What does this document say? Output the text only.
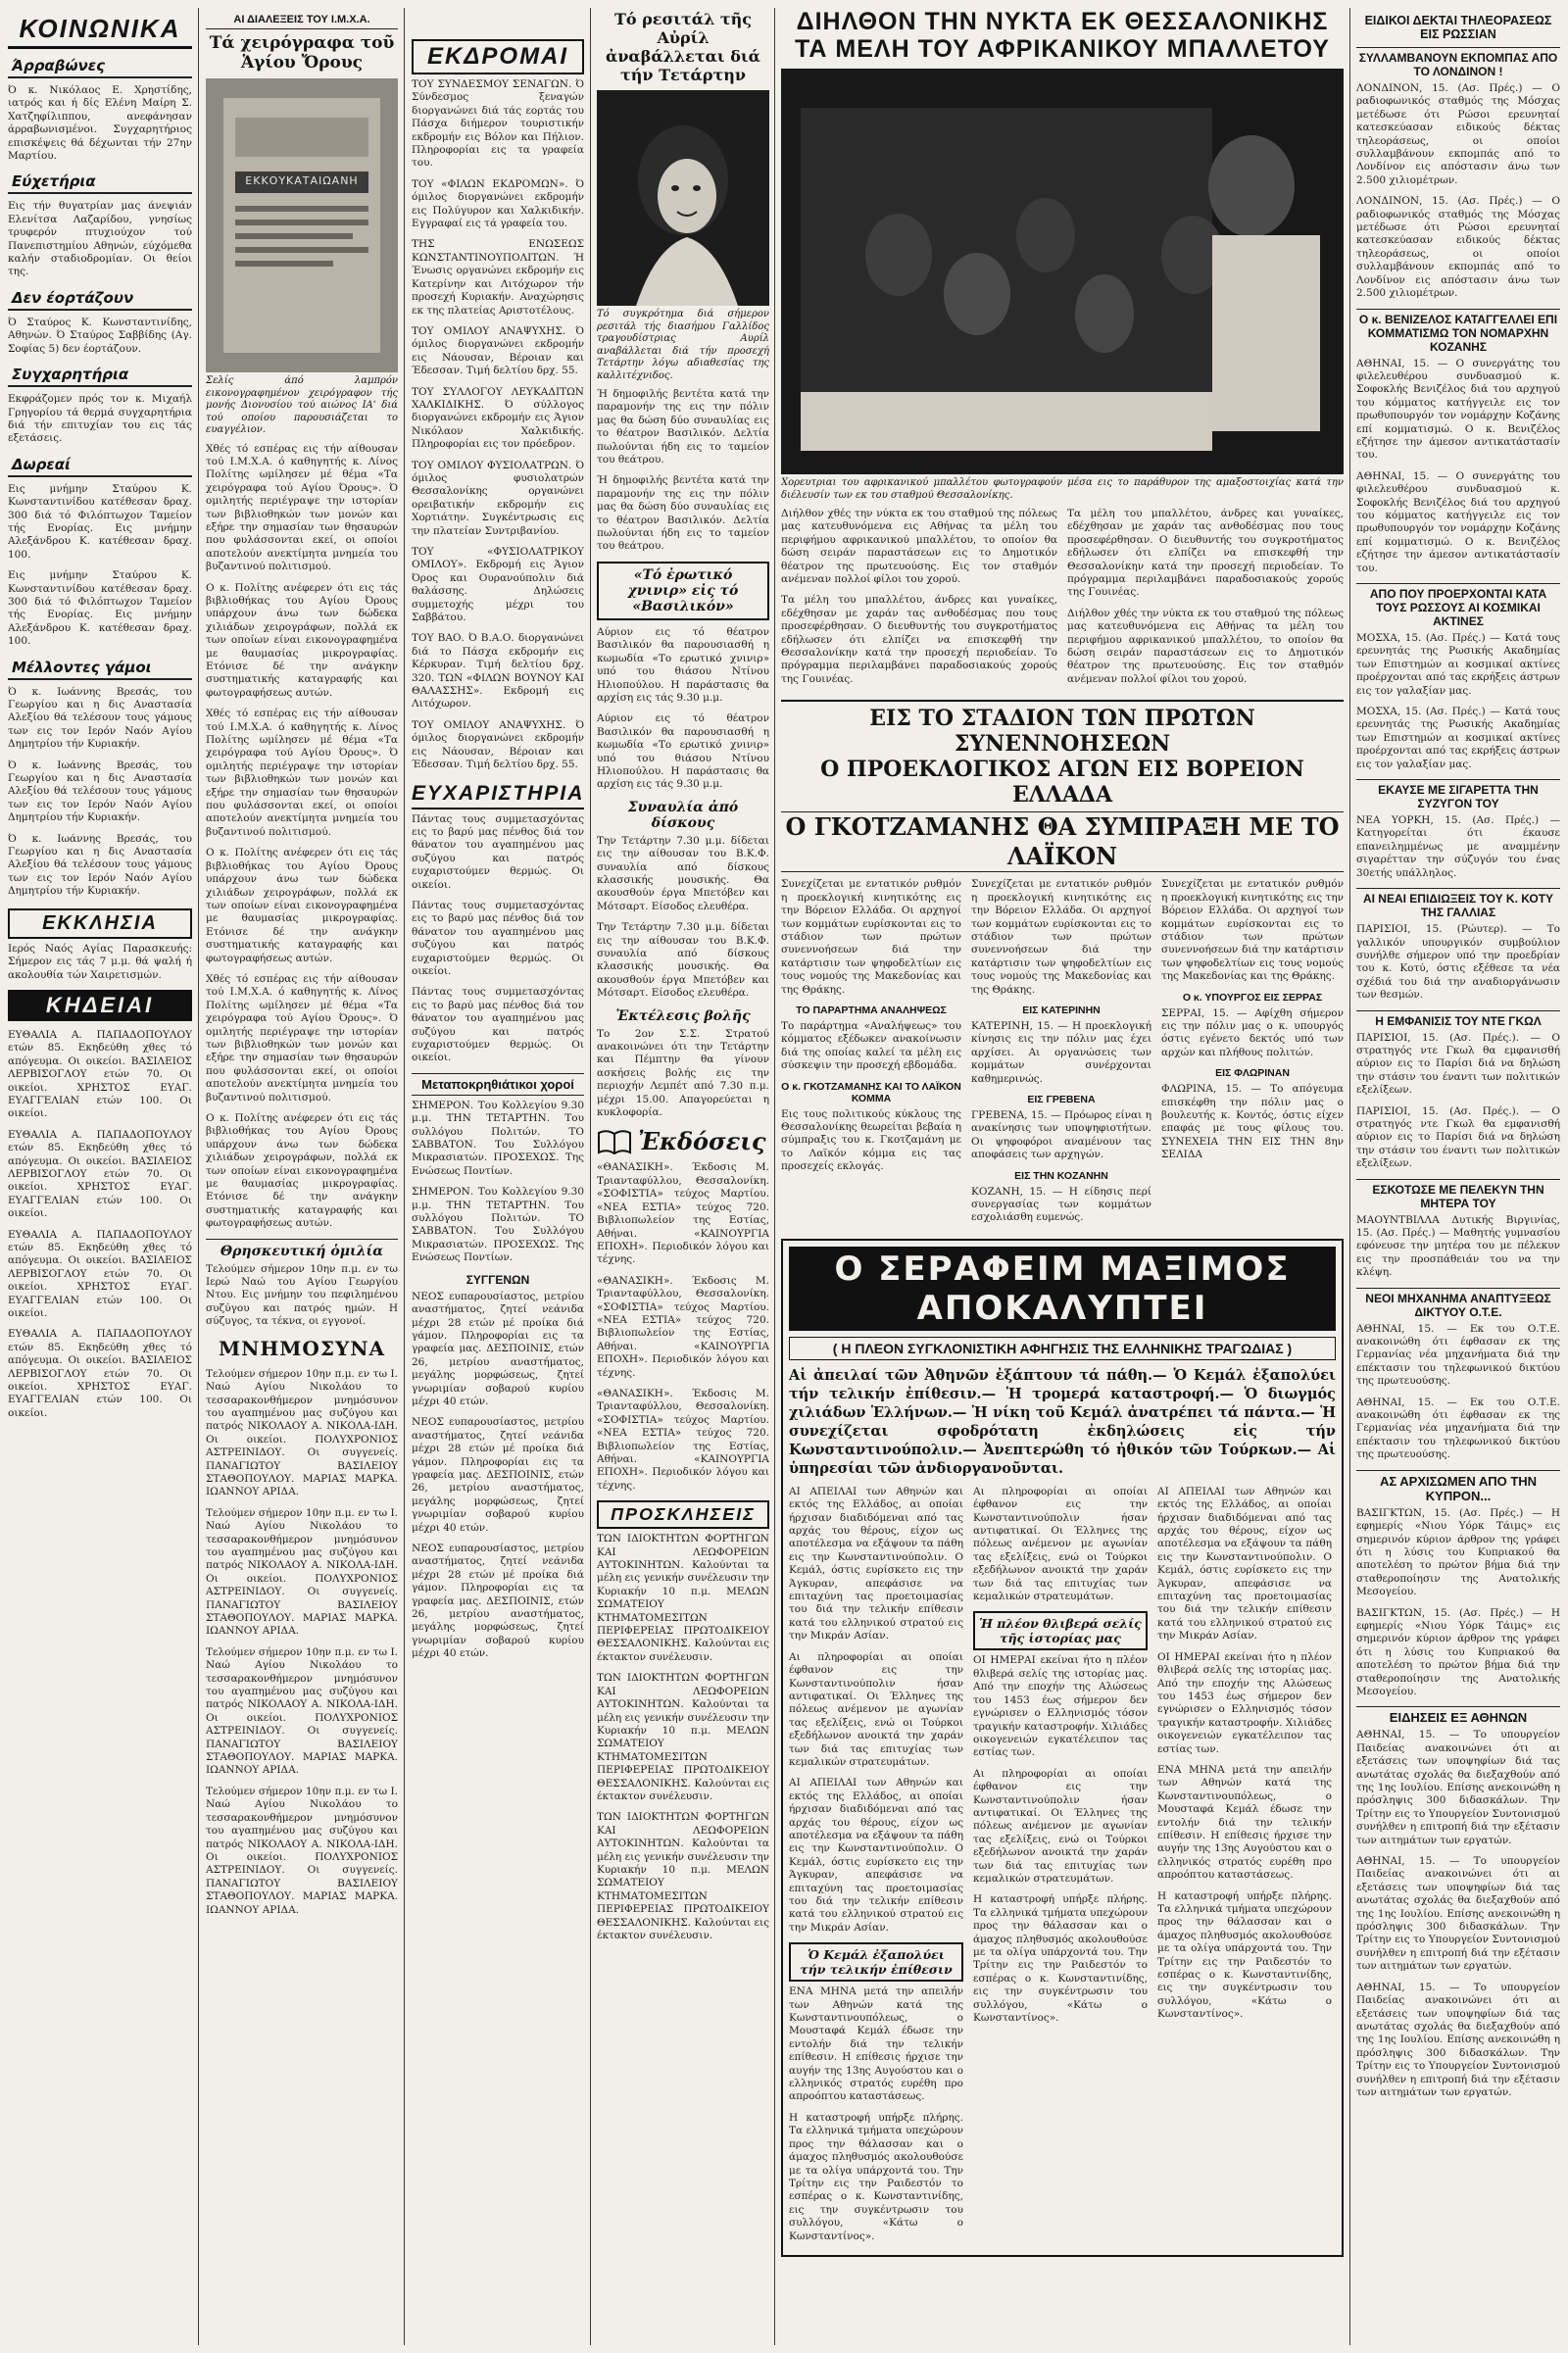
ΚΟΙΝΩΝΙΚΑ
Άρραβώνες

Ό κ. Νικόλαος Ε. Χρηστίδης, ιατρός και ή δίς Ελένη Μαίρη Σ. Χατζηφίλιππου, ανεφάνησαν άρραβωνισμένοι. Συγχαρητήριος επισκέψεις θά δέχωνται τήν 27ην Μαρτίου.

Εύχετήρια

Εις τήν θυγατρίαν μας άνεψιάν Ελενίτσα Λαζαρίδου, γνησίως τρυφερόν πτυχιούχον τού Πανεπιστημίου Αθηνών, εύχόμεθα καλήν σταδιοδρομίαν. Οι θείοι της.

Δεν έορτάζουν

Ό Σταύρος Κ. Κωνσταντινίδης, Αθηνών. Ό Σταύρος Σαββίδης (Αγ. Σοφίας 5) δεν έορτάζουν.

Συγχαρητήρια

Εκφράζομεν πρός τον κ. Μιχαήλ Γρηγορίου τά θερμά συγχαρητήρια διά τήν επιτυχίαν του εις τάς εξετάσεις.

Δωρεαί

Εις μνήμην Σταύρου Κ. Κωνσταντινίδου κατέθεσαν δραχ. 300 διά τό Φιλόπτωχον Ταμείον τής Ενορίας. Εις μνήμην Αλεξάνδρου Κ. κατέθεσαν δραχ. 100.

Εις μνήμην Σταύρου Κ. Κωνσταντινίδου κατέθεσαν δραχ. 300 διά τό Φιλόπτωχον Ταμείον τής Ενορίας. Εις μνήμην Αλεξάνδρου Κ. κατέθεσαν δραχ. 100.

Μέλλοντες γάμοι

Ό κ. Ιωάννης Βρεσάς, του Γεωργίου και η δις Αναστασία Αλεξίου θά τελέσουν τους γάμους των εις τον Ιερόν Ναόν Αγίου Δημητρίου τήν Κυριακήν.

Ό κ. Ιωάννης Βρεσάς, του Γεωργίου και η δις Αναστασία Αλεξίου θά τελέσουν τους γάμους των εις τον Ιερόν Ναόν Αγίου Δημητρίου τήν Κυριακήν.

Ό κ. Ιωάννης Βρεσάς, του Γεωργίου και η δις Αναστασία Αλεξίου θά τελέσουν τους γάμους των εις τον Ιερόν Ναόν Αγίου Δημητρίου τήν Κυριακήν.

ΕΚΚΛΗΣΙΑ

Ιερός Ναός Αγίας Παρασκευής: Σήμερον εις τάς 7 μ.μ. θά ψαλή ή ακολουθία τών Χαιρετισμών.

ΚΗΔΕΙΑΙ

ΕΥΘΑΛΙΑ Α. ΠΑΠΑΔΟΠΟΥΛΟΥ ετών 85. Εκηδεύθη χθες τό απόγευμα. Οι οικείοι. ΒΑΣΙΛΕΙΟΣ ΛΕΡΒΙΣΟΓΛΟΥ ετών 70. Οι οικείοι. ΧΡΗΣΤΟΣ ΕΥΑΓ. ΕΥΑΓΓΕΛΙΑΝ ετών 100. Οι οικείοι.

ΕΥΘΑΛΙΑ Α. ΠΑΠΑΔΟΠΟΥΛΟΥ ετών 85. Εκηδεύθη χθες τό απόγευμα. Οι οικείοι. ΒΑΣΙΛΕΙΟΣ ΛΕΡΒΙΣΟΓΛΟΥ ετών 70. Οι οικείοι. ΧΡΗΣΤΟΣ ΕΥΑΓ. ΕΥΑΓΓΕΛΙΑΝ ετών 100. Οι οικείοι.

ΕΥΘΑΛΙΑ Α. ΠΑΠΑΔΟΠΟΥΛΟΥ ετών 85. Εκηδεύθη χθες τό απόγευμα. Οι οικείοι. ΒΑΣΙΛΕΙΟΣ ΛΕΡΒΙΣΟΓΛΟΥ ετών 70. Οι οικείοι. ΧΡΗΣΤΟΣ ΕΥΑΓ. ΕΥΑΓΓΕΛΙΑΝ ετών 100. Οι οικείοι.

ΕΥΘΑΛΙΑ Α. ΠΑΠΑΔΟΠΟΥΛΟΥ ετών 85. Εκηδεύθη χθες τό απόγευμα. Οι οικείοι. ΒΑΣΙΛΕΙΟΣ ΛΕΡΒΙΣΟΓΛΟΥ ετών 70. Οι οικείοι. ΧΡΗΣΤΟΣ ΕΥΑΓ. ΕΥΑΓΓΕΛΙΑΝ ετών 100. Οι οικείοι.

ΑΙ ΔΙΑΛΕΞΕΙΣ ΤΟΥ Ι.Μ.Χ.Α.
Τά χειρόγραφα τοῦ Ἁγίου Ὄρους
ΕΚΚΟΥΚΑΤΑΙΩΑΝΗ

Σελίς άπό λαμπρόν εικονογραφημένον χειρόγραφον τής μονής Διονυσίου τού αιώνος ΙΑ' διά τού οποίου παρουσιάζεται το ευαγγέλιον.

Χθές τό εσπέρας εις τήν αίθουσαν τού Ι.Μ.Χ.Α. ό καθηγητής κ. Λίνος Πολίτης ωμίλησεν μέ θέμα «Τα χειρόγραφα τού Αγίου Όρους». Ό ομιλητής περιέγραψε την ιστορίαν των βιβλιοθηκών των μονών και εξήρε την σημασίαν των θησαυρών που φυλάσσονται εκεί, οι οποίοι αποτελούν ανεκτίμητα μνημεία του βυζαντινού πολιτισμού.

Ο κ. Πολίτης ανέφερεν ότι εις τάς βιβλιοθήκας του Αγίου Όρους υπάρχουν άνω των δώδεκα χιλιάδων χειρογράφων, πολλά εκ των οποίων είναι εικονογραφημένα με θαυμασίας μικρογραφίας. Ετόνισε δέ την ανάγκην συστηματικής καταγραφής και φωτογραφήσεως αυτών.

Χθές τό εσπέρας εις τήν αίθουσαν τού Ι.Μ.Χ.Α. ό καθηγητής κ. Λίνος Πολίτης ωμίλησεν μέ θέμα «Τα χειρόγραφα τού Αγίου Όρους». Ό ομιλητής περιέγραψε την ιστορίαν των βιβλιοθηκών των μονών και εξήρε την σημασίαν των θησαυρών που φυλάσσονται εκεί, οι οποίοι αποτελούν ανεκτίμητα μνημεία του βυζαντινού πολιτισμού.

Ο κ. Πολίτης ανέφερεν ότι εις τάς βιβλιοθήκας του Αγίου Όρους υπάρχουν άνω των δώδεκα χιλιάδων χειρογράφων, πολλά εκ των οποίων είναι εικονογραφημένα με θαυμασίας μικρογραφίας. Ετόνισε δέ την ανάγκην συστηματικής καταγραφής και φωτογραφήσεως αυτών.

Χθές τό εσπέρας εις τήν αίθουσαν τού Ι.Μ.Χ.Α. ό καθηγητής κ. Λίνος Πολίτης ωμίλησεν μέ θέμα «Τα χειρόγραφα τού Αγίου Όρους». Ό ομιλητής περιέγραψε την ιστορίαν των βιβλιοθηκών των μονών και εξήρε την σημασίαν των θησαυρών που φυλάσσονται εκεί, οι οποίοι αποτελούν ανεκτίμητα μνημεία του βυζαντινού πολιτισμού.

Ο κ. Πολίτης ανέφερεν ότι εις τάς βιβλιοθήκας του Αγίου Όρους υπάρχουν άνω των δώδεκα χιλιάδων χειρογράφων, πολλά εκ των οποίων είναι εικονογραφημένα με θαυμασίας μικρογραφίας. Ετόνισε δέ την ανάγκην συστηματικής καταγραφής και φωτογραφήσεως αυτών.

Θρησκευτική ὁμιλία

Τελούμεν σήμερον 10ην π.μ. εν τω Ιερώ Ναώ του Αγίου Γεωργίου Ντου. Εις μνήμην του πεφιλημένου συζύγου και πατρός ημών. Η σύζυγος, τα τέκνα, οι εγγονοί.

ΜΝΗΜΟΣΥΝΑ

Τελούμεν σήμερον 10ην π.μ. εν τω Ι. Ναώ Αγίου Νικολάου το τεσσαρακονθήμερον μνημόσυνον του αγαπημένου μας συζύγου και πατρός ΝΙΚΟΛΑΟΥ Α. ΝΙΚΟΛΑ-ΙΔΗ. Οι οικείοι. ΠΟΛΥΧΡΟΝΙΟΣ ΑΣΤΡΕΙΝΙΔΟΥ. Οι συγγενείς. ΠΑΝΑΓΙΩΤΟΥ ΒΑΣΙΛΕΙΟΥ ΣΤΑΘΟΠΟΥΛΟΥ. ΜΑΡΙΑΣ ΜΑΡΚΑ. ΙΩΑΝΝΟΥ ΑΡΙΔΑ.

Τελούμεν σήμερον 10ην π.μ. εν τω Ι. Ναώ Αγίου Νικολάου το τεσσαρακονθήμερον μνημόσυνον του αγαπημένου μας συζύγου και πατρός ΝΙΚΟΛΑΟΥ Α. ΝΙΚΟΛΑ-ΙΔΗ. Οι οικείοι. ΠΟΛΥΧΡΟΝΙΟΣ ΑΣΤΡΕΙΝΙΔΟΥ. Οι συγγενείς. ΠΑΝΑΓΙΩΤΟΥ ΒΑΣΙΛΕΙΟΥ ΣΤΑΘΟΠΟΥΛΟΥ. ΜΑΡΙΑΣ ΜΑΡΚΑ. ΙΩΑΝΝΟΥ ΑΡΙΔΑ.

Τελούμεν σήμερον 10ην π.μ. εν τω Ι. Ναώ Αγίου Νικολάου το τεσσαρακονθήμερον μνημόσυνον του αγαπημένου μας συζύγου και πατρός ΝΙΚΟΛΑΟΥ Α. ΝΙΚΟΛΑ-ΙΔΗ. Οι οικείοι. ΠΟΛΥΧΡΟΝΙΟΣ ΑΣΤΡΕΙΝΙΔΟΥ. Οι συγγενείς. ΠΑΝΑΓΙΩΤΟΥ ΒΑΣΙΛΕΙΟΥ ΣΤΑΘΟΠΟΥΛΟΥ. ΜΑΡΙΑΣ ΜΑΡΚΑ. ΙΩΑΝΝΟΥ ΑΡΙΔΑ.

Τελούμεν σήμερον 10ην π.μ. εν τω Ι. Ναώ Αγίου Νικολάου το τεσσαρακονθήμερον μνημόσυνον του αγαπημένου μας συζύγου και πατρός ΝΙΚΟΛΑΟΥ Α. ΝΙΚΟΛΑ-ΙΔΗ. Οι οικείοι. ΠΟΛΥΧΡΟΝΙΟΣ ΑΣΤΡΕΙΝΙΔΟΥ. Οι συγγενείς. ΠΑΝΑΓΙΩΤΟΥ ΒΑΣΙΛΕΙΟΥ ΣΤΑΘΟΠΟΥΛΟΥ. ΜΑΡΙΑΣ ΜΑΡΚΑ. ΙΩΑΝΝΟΥ ΑΡΙΔΑ.

ΕΚΔΡΟΜΑΙ

ΤΟΥ ΣΥΝΔΕΣΜΟΥ ΣΕΝΑΓΩΝ. Ό Σύνδεσμος ξεναγών διοργανώνει διά τάς εορτάς του Πάσχα διήμερον τουριστικήν εκδρομήν εις Βόλον και Πήλιον. Πληροφορίαι εις τα γραφεία του.

ΤΟΥ «ΦΙΛΩΝ ΕΚΔΡΟΜΩΝ». Ό όμιλος διοργανώνει εκδρομήν εις Πολύγυρον και Χαλκιδικήν. Εγγραφαί εις τά γραφεία του.

ΤΗΣ ΕΝΩΣΕΩΣ ΚΩΝΣΤΑΝΤΙΝΟΥΠΟΛΙΤΩΝ. Ή Ένωσις οργανώνει εκδρομήν εις Κατερίνην και Λιτόχωρον τήν προσεχή Κυριακήν. Αναχώρησις εκ της πλατείας Αριστοτέλους.

ΤΟΥ ΟΜΙΛΟΥ ΑΝΑΨΥΧΗΣ. Ό όμιλος διοργανώνει εκδρομήν εις Νάουσαν, Βέροιαν και Έδεσσαν. Τιμή δελτίου δρχ. 55.

ΤΟΥ ΣΥΛΛΟΓΟΥ ΛΕΥΚΑΔΙΤΩΝ ΧΑΛΚΙΔΙΚΗΣ. Ό σύλλογος διοργανώνει εκδρομήν εις Άγιον Νικόλαον Χαλκιδικής. Πληροφορίαι εις τον πρόεδρον.

ΤΟΥ ΟΜΙΛΟΥ ΦΥΣΙΟΛΑΤΡΩΝ. Ό όμιλος φυσιολατρών Θεσσαλονίκης οργανώνει ορειβατικήν εκδρομήν εις Χορτιάτην. Συγκέντρωσις εις την πλατείαν Συντριβανίου.

ΤΟΥ «ΦΥΣΙΟΛΑΤΡΙΚΟΥ ΟΜΙΛΟΥ». Εκδρομή εις Άγιον Όρος και Ουρανούπολιν διά θαλάσσης. Δηλώσεις συμμετοχής μέχρι του Σαββάτου.

ΤΟΥ ΒΑΟ. Ό Β.Α.Ο. διοργανώνει διά το Πάσχα εκδρομήν εις Κέρκυραν. Τιμή δελτίου δρχ. 320. ΤΩΝ «ΦΙΛΩΝ ΒΟΥΝΟΥ ΚΑΙ ΘΑΛΑΣΣΗΣ». Εκδρομή εις Λιτόχωρον.

ΤΟΥ ΟΜΙΛΟΥ ΑΝΑΨΥΧΗΣ. Ό όμιλος διοργανώνει εκδρομήν εις Νάουσαν, Βέροιαν και Έδεσσαν. Τιμή δελτίου δρχ. 55.

ΕΥΧΑΡΙΣΤΗΡΙΑ

Πάντας τους συμμετασχόντας εις το βαρύ μας πένθος διά τον θάνατον του αγαπημένου μας συζύγου και πατρός ευχαριστούμεν θερμώς. Οι οικείοι.

Πάντας τους συμμετασχόντας εις το βαρύ μας πένθος διά τον θάνατον του αγαπημένου μας συζύγου και πατρός ευχαριστούμεν θερμώς. Οι οικείοι.

Πάντας τους συμμετασχόντας εις το βαρύ μας πένθος διά τον θάνατον του αγαπημένου μας συζύγου και πατρός ευχαριστούμεν θερμώς. Οι οικείοι.

Μεταποκρηθιάτικοι χοροί

ΣΗΜΕΡΟΝ. Του Κολλεγίου 9.30 μ.μ. ΤΗΝ ΤΕΤΑΡΤΗΝ. Του συλλόγου Πολιτών. ΤΟ ΣΑΒΒΑΤΟΝ. Του Συλλόγου Μικρασιατών. ΠΡΟΣΕΧΩΣ. Της Ενώσεως Ποντίων.

ΣΗΜΕΡΟΝ. Του Κολλεγίου 9.30 μ.μ. ΤΗΝ ΤΕΤΑΡΤΗΝ. Του συλλόγου Πολιτών. ΤΟ ΣΑΒΒΑΤΟΝ. Του Συλλόγου Μικρασιατών. ΠΡΟΣΕΧΩΣ. Της Ενώσεως Ποντίων.

ΣΥΓΓΕΝΩΝ

ΝΕΟΣ ευπαρουσίαστος, μετρίου αναστήματος, ζητεί νεάνιδα μέχρι 28 ετών μέ προίκα διά γάμον. Πληροφορίαι εις τα γραφεία μας. ΔΕΣΠΟΙΝΙΣ, ετών 26, μετρίου αναστήματος, μεγάλης μορφώσεως, ζητεί γνωριμίαν σοβαρού κυρίου μέχρι 40 ετών.

ΝΕΟΣ ευπαρουσίαστος, μετρίου αναστήματος, ζητεί νεάνιδα μέχρι 28 ετών μέ προίκα διά γάμον. Πληροφορίαι εις τα γραφεία μας. ΔΕΣΠΟΙΝΙΣ, ετών 26, μετρίου αναστήματος, μεγάλης μορφώσεως, ζητεί γνωριμίαν σοβαρού κυρίου μέχρι 40 ετών.

ΝΕΟΣ ευπαρουσίαστος, μετρίου αναστήματος, ζητεί νεάνιδα μέχρι 28 ετών μέ προίκα διά γάμον. Πληροφορίαι εις τα γραφεία μας. ΔΕΣΠΟΙΝΙΣ, ετών 26, μετρίου αναστήματος, μεγάλης μορφώσεως, ζητεί γνωριμίαν σοβαρού κυρίου μέχρι 40 ετών.

Τό ρεσιτάλ τῆς Αὐρίλ ἀναβάλλεται διά τήν Τετάρτην

Τό συγκρότημα διά σήμερον ρεσιτάλ τής διασήμου Γαλλίδος τραγουδίστριας Αυρίλ αναβάλλεται διά τήν προσεχή Τετάρτην λόγω αδιαθεσίας της καλλιτέχνιδος.

Ή δημοφιλής βεντέτα κατά την παραμονήν της εις την πόλιν μας θα δώση δύο συναυλίας εις το θέατρον Βασιλικόν. Δελτία πωλούνται ήδη εις το ταμείον του θεάτρου.

Ή δημοφιλής βεντέτα κατά την παραμονήν της εις την πόλιν μας θα δώση δύο συναυλίας εις το θέατρον Βασιλικόν. Δελτία πωλούνται ήδη εις το ταμείον του θεάτρου.

«Τό ἐρωτικό χνινιρ» εἰς τό «Βασιλικόν»

Αύριον εις τό θέατρον Βασιλικόν θα παρουσιασθή η κωμωδία «Το ερωτικό χνινιρ» υπό του θιάσου Ντίνου Ηλιοπούλου. Η παράστασις θα αρχίση εις τάς 9.30 μ.μ.

Αύριον εις τό θέατρον Βασιλικόν θα παρουσιασθή η κωμωδία «Το ερωτικό χνινιρ» υπό του θιάσου Ντίνου Ηλιοπούλου. Η παράστασις θα αρχίση εις τάς 9.30 μ.μ.

Συναυλία ἀπό δίσκους

Την Τετάρτην 7.30 μ.μ. δίδεται εις την αίθουσαν του Β.Κ.Φ. συναυλία από δίσκους κλασσικής μουσικής. Θα ακουσθούν έργα Μπετόβεν και Μότσαρτ. Είσοδος ελευθέρα.

Την Τετάρτην 7.30 μ.μ. δίδεται εις την αίθουσαν του Β.Κ.Φ. συναυλία από δίσκους κλασσικής μουσικής. Θα ακουσθούν έργα Μπετόβεν και Μότσαρτ. Είσοδος ελευθέρα.

Ἐκτέλεσις βολῆς

Το 2ον Σ.Σ. Στρατού ανακοινώνει ότι την Τετάρτην και Πέμπτην θα γίνουν ασκήσεις βολής εις την περιοχήν Λεμπέτ από 7.30 π.μ. μέχρι 15.00. Απαγορεύεται η κυκλοφορία.

Ἐκδόσεις

«ΘΑΝΑΣΙΚΗ». Έκδοσις Μ. Τριανταφύλλου, Θεσσαλονίκη. «ΣΟΦΙΣΤΙΑ» τεύχος Μαρτίου. «ΝΕΑ ΕΣΤΙΑ» τεύχος 720. Βιβλιοπωλείον της Εστίας, Αθήναι. «ΚΑΙΝΟΥΡΓΙΑ ΕΠΟΧΗ». Περιοδικόν λόγου και τέχνης.

«ΘΑΝΑΣΙΚΗ». Έκδοσις Μ. Τριανταφύλλου, Θεσσαλονίκη. «ΣΟΦΙΣΤΙΑ» τεύχος Μαρτίου. «ΝΕΑ ΕΣΤΙΑ» τεύχος 720. Βιβλιοπωλείον της Εστίας, Αθήναι. «ΚΑΙΝΟΥΡΓΙΑ ΕΠΟΧΗ». Περιοδικόν λόγου και τέχνης.

«ΘΑΝΑΣΙΚΗ». Έκδοσις Μ. Τριανταφύλλου, Θεσσαλονίκη. «ΣΟΦΙΣΤΙΑ» τεύχος Μαρτίου. «ΝΕΑ ΕΣΤΙΑ» τεύχος 720. Βιβλιοπωλείον της Εστίας, Αθήναι. «ΚΑΙΝΟΥΡΓΙΑ ΕΠΟΧΗ». Περιοδικόν λόγου και τέχνης.

ΠΡΟΣΚΛΗΣΕΙΣ

ΤΩΝ ΙΔΙΟΚΤΗΤΩΝ ΦΟΡΤΗΓΩΝ ΚΑΙ ΛΕΩΦΟΡΕΙΩΝ ΑΥΤΟΚΙΝΗΤΩΝ. Καλούνται τα μέλη εις γενικήν συνέλευσιν την Κυριακήν 10 π.μ. ΜΕΛΩΝ ΣΩΜΑΤΕΙΟΥ ΚΤΗΜΑΤΟΜΕΣΙΤΩΝ ΠΕΡΙΦΕΡΕΙΑΣ ΠΡΩΤΟΔΙΚΕΙΟΥ ΘΕΣΣΑΛΟΝΙΚΗΣ. Καλούνται εις έκτακτον συνέλευσιν.

ΤΩΝ ΙΔΙΟΚΤΗΤΩΝ ΦΟΡΤΗΓΩΝ ΚΑΙ ΛΕΩΦΟΡΕΙΩΝ ΑΥΤΟΚΙΝΗΤΩΝ. Καλούνται τα μέλη εις γενικήν συνέλευσιν την Κυριακήν 10 π.μ. ΜΕΛΩΝ ΣΩΜΑΤΕΙΟΥ ΚΤΗΜΑΤΟΜΕΣΙΤΩΝ ΠΕΡΙΦΕΡΕΙΑΣ ΠΡΩΤΟΔΙΚΕΙΟΥ ΘΕΣΣΑΛΟΝΙΚΗΣ. Καλούνται εις έκτακτον συνέλευσιν.

ΤΩΝ ΙΔΙΟΚΤΗΤΩΝ ΦΟΡΤΗΓΩΝ ΚΑΙ ΛΕΩΦΟΡΕΙΩΝ ΑΥΤΟΚΙΝΗΤΩΝ. Καλούνται τα μέλη εις γενικήν συνέλευσιν την Κυριακήν 10 π.μ. ΜΕΛΩΝ ΣΩΜΑΤΕΙΟΥ ΚΤΗΜΑΤΟΜΕΣΙΤΩΝ ΠΕΡΙΦΕΡΕΙΑΣ ΠΡΩΤΟΔΙΚΕΙΟΥ ΘΕΣΣΑΛΟΝΙΚΗΣ. Καλούνται εις έκτακτον συνέλευσιν.

ΔΙΗΛΘΟΝ ΤΗΝ ΝΥΚΤΑ ΕΚ ΘΕΣΣΑΛΟΝΙΚΗΣ
ΤΑ ΜΕΛΗ ΤΟΥ ΑΦΡΙΚΑΝΙΚΟΥ ΜΠΑΛΛΕΤΟΥ

Χορευτριαι του αφρικανικού μπαλλέτου φωτογραφούν μέσα εις το παράθυρον της αμαξοστοιχίας κατά την διέλευσίν των εκ του σταθμού Θεσσαλονίκης.

Διήλθον χθές την νύκτα εκ του σταθμού της πόλεως μας κατευθυνόμενα εις Αθήνας τα μέλη του περιφήμου αφρικανικού μπαλλέτου, το οποίον θα δώση σειράν παραστάσεων εις το Δημοτικόν θέατρον της πρωτευούσης. Εις τον σταθμόν ανέμεναν πολλοί φίλοι του χορού.

Τα μέλη του μπαλλέτου, άνδρες και γυναίκες, εδέχθησαν με χαράν τας ανθοδέσμας που τους προσεφέρθησαν. Ο διευθυντής του συγκροτήματος εδήλωσεν ότι ελπίζει να επισκεφθή την Θεσσαλονίκην κατά την προσεχή περιοδείαν. Το πρόγραμμα περιλαμβάνει παραδοσιακούς χορούς της Γουινέας.

Τα μέλη του μπαλλέτου, άνδρες και γυναίκες, εδέχθησαν με χαράν τας ανθοδέσμας που τους προσεφέρθησαν. Ο διευθυντής του συγκροτήματος εδήλωσεν ότι ελπίζει να επισκεφθή την Θεσσαλονίκην κατά την προσεχή περιοδείαν. Το πρόγραμμα περιλαμβάνει παραδοσιακούς χορούς της Γουινέας.

Διήλθον χθές την νύκτα εκ του σταθμού της πόλεως μας κατευθυνόμενα εις Αθήνας τα μέλη του περιφήμου αφρικανικού μπαλλέτου, το οποίον θα δώση σειράν παραστάσεων εις το Δημοτικόν θέατρον της πρωτευούσης. Εις τον σταθμόν ανέμεναν πολλοί φίλοι του χορού.

ΕΙΣ ΤΟ ΣΤΑΔΙΟΝ ΤΩΝ ΠΡΩΤΩΝ ΣΥΝΕΝΝΟΗΣΕΩΝ
Ο ΠΡΟΕΚΛΟΓΙΚΟΣ ΑΓΩΝ ΕΙΣ ΒΟΡΕΙΟΝ ΕΛΛΑΔΑ
Ο ΓΚΟΤΖΑΜΑΝΗΣ ΘΑ ΣΥΜΠΡΑΞΗ ΜΕ ΤΟ ΛΑΪΚΟΝ

Συνεχίζεται με εντατικόν ρυθμόν η προεκλογική κινητικότης εις την Βόρειον Ελλάδα. Οι αρχηγοί των κομμάτων ευρίσκονται εις το στάδιον των πρώτων συνεννοήσεων διά την κατάρτισιν των ψηφοδελτίων εις τους νομούς της Μακεδονίας και της Θράκης.

ΤΟ ΠΑΡΑΡΤΗΜΑ ΑΝΑΛΗΨΕΩΣ

Το παράρτημα «Αναλήψεως» του κόμματος εξέδωκεν ανακοίνωσιν διά της οποίας καλεί τα μέλη εις σύσκεψιν την προσεχή εβδομάδα.

Ο κ. ΓΚΟΤΖΑΜΑΝΗΣ ΚΑΙ ΤΟ ΛΑΪΚΟΝ ΚΟΜΜΑ

Εις τους πολιτικούς κύκλους της Θεσσαλονίκης θεωρείται βεβαία η σύμπραξις του κ. Γκοτζαμάνη με το Λαϊκόν κόμμα εις τας προσεχείς εκλογάς.

Συνεχίζεται με εντατικόν ρυθμόν η προεκλογική κινητικότης εις την Βόρειον Ελλάδα. Οι αρχηγοί των κομμάτων ευρίσκονται εις το στάδιον των πρώτων συνεννοήσεων διά την κατάρτισιν των ψηφοδελτίων εις τους νομούς της Μακεδονίας και της Θράκης.

ΕΙΣ ΚΑΤΕΡΙΝΗΝ

ΚΑΤΕΡΙΝΗ, 15. — Η προεκλογική κίνησις εις την πόλιν μας έχει αρχίσει. Αι οργανώσεις των κομμάτων συνέρχονται καθημερινώς.

ΕΙΣ ΓΡΕΒΕΝΑ

ΓΡΕΒΕΝΑ, 15. — Πρόωρος είναι η ανακίνησις των υποψηφιοτήτων. Οι ψηφοφόροι αναμένουν τας αποφάσεις των αρχηγών.

ΕΙΣ ΤΗΝ ΚΟΖΑΝΗΝ

ΚΟΖΑΝΗ, 15. — Η είδησις περί συνεργασίας των κομμάτων εσχολιάσθη ευμενώς.

Συνεχίζεται με εντατικόν ρυθμόν η προεκλογική κινητικότης εις την Βόρειον Ελλάδα. Οι αρχηγοί των κομμάτων ευρίσκονται εις το στάδιον των πρώτων συνεννοήσεων διά την κατάρτισιν των ψηφοδελτίων εις τους νομούς της Μακεδονίας και της Θράκης.

Ο κ. ΥΠΟΥΡΓΟΣ ΕΙΣ ΣΕΡΡΑΣ

ΣΕΡΡΑΙ, 15. — Αφίχθη σήμερον εις την πόλιν μας ο κ. υπουργός όστις εγένετο δεκτός υπό των αρχών και πλήθους πολιτών.

ΕΙΣ ΦΛΩΡΙΝΑΝ

ΦΛΩΡΙΝΑ, 15. — Το απόγευμα επισκέφθη την πόλιν μας ο βουλευτής κ. Κοντός, όστις είχεν επαφάς με τους φίλους του. ΣΥΝΕΧΕΙΑ ΤΗΝ ΕΙΣ ΤΗΝ 8ην ΣΕΛΙΔΑ

Ο ΣΕΡΑΦΕΙΜ ΜΑΞΙΜΟΣ ΑΠΟΚΑΛΥΠΤΕΙ
( Η ΠΛΕΟΝ ΣΥΓΚΛΟΝΙΣΤΙΚΗ ΑΦΗΓΗΣΙΣ ΤΗΣ ΕΛΛΗΝΙΚΗΣ ΤΡΑΓΩΔΙΑΣ )

Αἱ ἀπειλαί τῶν Ἀθηνῶν ἐξάπτουν τά πάθη.— Ὁ Κεμάλ ἐξαπολύει τήν τελικήν ἐπίθεσιν.— Ἡ τρομερά καταστροφή.— Ὁ διωγμός χιλιάδων Ἑλλήνων.— Ἡ νίκη τοῦ Κεμάλ ἀνατρέπει τά πάντα.— Ἡ συνεχίζεται σφοδρότατη ἐκδηλώσεις εἰς τήν Κωνσταντινούπολιν.— Ἀνεπτερώθη τό ἠθικόν τῶν Τούρκων.— Αἱ ὑπηρεσίαι τῶν ἀνδιοργανοῦνται.

ΑΙ ΑΠΕΙΛΑΙ των Αθηνών και εκτός της Ελλάδος, αι οποίαι ήρχισαν διαδιδόμεναι από τας αρχάς του θέρους, είχον ως αποτέλεσμα να εξάψουν τα πάθη εις την Κωνσταντινούπολιν. Ο Κεμάλ, όστις ευρίσκετο εις την Άγκυραν, απεφάσισε να επιταχύνη τας προετοιμασίας του διά την τελικήν επίθεσιν κατά του ελληνικού στρατού εις την Μικράν Ασίαν.

Αι πληροφορίαι αι οποίαι έφθανον εις την Κωνσταντινούπολιν ήσαν αντιφατικαί. Οι Έλληνες της πόλεως ανέμενον με αγωνίαν τας εξελίξεις, ενώ οι Τούρκοι εξεδήλωνον ανοικτά την χαράν των διά τας επιτυχίας των κεμαλικών στρατευμάτων.

ΑΙ ΑΠΕΙΛΑΙ των Αθηνών και εκτός της Ελλάδος, αι οποίαι ήρχισαν διαδιδόμεναι από τας αρχάς του θέρους, είχον ως αποτέλεσμα να εξάψουν τα πάθη εις την Κωνσταντινούπολιν. Ο Κεμάλ, όστις ευρίσκετο εις την Άγκυραν, απεφάσισε να επιταχύνη τας προετοιμασίας του διά την τελικήν επίθεσιν κατά του ελληνικού στρατού εις την Μικράν Ασίαν.

Ὁ Κεμάλ ἐξαπολύει τήν τελικήν ἐπίθεσιν

ΕΝΑ ΜΗΝΑ μετά την απειλήν των Αθηνών κατά της Κωνσταντινουπόλεως, ο Μουσταφά Κεμάλ έδωσε την εντολήν διά την τελικήν επίθεσιν. Η επίθεσις ήρχισε την αυγήν της 13ης Αυγούστου και ο ελληνικός στρατός ευρέθη προ απροόπτου καταστάσεως.

Η καταστροφή υπήρξε πλήρης. Τα ελληνικά τμήματα υπεχώρουν προς την θάλασσαν και ο άμαχος πληθυσμός ακολουθούσε με τα ολίγα υπάρχοντά του. Την Τρίτην εις την Ραιδεστόν το εσπέρας ο κ. Κωνσταντινίδης, εις την συγκέντρωσιν του συλλόγου, «Κάτω ο Κωνσταντίνος».

Αι πληροφορίαι αι οποίαι έφθανον εις την Κωνσταντινούπολιν ήσαν αντιφατικαί. Οι Έλληνες της πόλεως ανέμενον με αγωνίαν τας εξελίξεις, ενώ οι Τούρκοι εξεδήλωνον ανοικτά την χαράν των διά τας επιτυχίας των κεμαλικών στρατευμάτων.

Ἡ πλέον θλιβερά σελίς τῆς ἱστορίας μας

ΟΙ ΗΜΕΡΑΙ εκείναι ήτο η πλέον θλιβερά σελίς της ιστορίας μας. Από την εποχήν της Αλώσεως του 1453 έως σήμερον δεν εγνώρισεν ο Ελληνισμός τόσον τραγικήν καταστροφήν. Χιλιάδες οικογενειών εγκατέλειπον τας εστίας των.

Αι πληροφορίαι αι οποίαι έφθανον εις την Κωνσταντινούπολιν ήσαν αντιφατικαί. Οι Έλληνες της πόλεως ανέμενον με αγωνίαν τας εξελίξεις, ενώ οι Τούρκοι εξεδήλωνον ανοικτά την χαράν των διά τας επιτυχίας των κεμαλικών στρατευμάτων.

Η καταστροφή υπήρξε πλήρης. Τα ελληνικά τμήματα υπεχώρουν προς την θάλασσαν και ο άμαχος πληθυσμός ακολουθούσε με τα ολίγα υπάρχοντά του. Την Τρίτην εις την Ραιδεστόν το εσπέρας ο κ. Κωνσταντινίδης, εις την συγκέντρωσιν του συλλόγου, «Κάτω ο Κωνσταντίνος».

ΑΙ ΑΠΕΙΛΑΙ των Αθηνών και εκτός της Ελλάδος, αι οποίαι ήρχισαν διαδιδόμεναι από τας αρχάς του θέρους, είχον ως αποτέλεσμα να εξάψουν τα πάθη εις την Κωνσταντινούπολιν. Ο Κεμάλ, όστις ευρίσκετο εις την Άγκυραν, απεφάσισε να επιταχύνη τας προετοιμασίας του διά την τελικήν επίθεσιν κατά του ελληνικού στρατού εις την Μικράν Ασίαν.

ΟΙ ΗΜΕΡΑΙ εκείναι ήτο η πλέον θλιβερά σελίς της ιστορίας μας. Από την εποχήν της Αλώσεως του 1453 έως σήμερον δεν εγνώρισεν ο Ελληνισμός τόσον τραγικήν καταστροφήν. Χιλιάδες οικογενειών εγκατέλειπον τας εστίας των.

ΕΝΑ ΜΗΝΑ μετά την απειλήν των Αθηνών κατά της Κωνσταντινουπόλεως, ο Μουσταφά Κεμάλ έδωσε την εντολήν διά την τελικήν επίθεσιν. Η επίθεσις ήρχισε την αυγήν της 13ης Αυγούστου και ο ελληνικός στρατός ευρέθη προ απροόπτου καταστάσεως.

Η καταστροφή υπήρξε πλήρης. Τα ελληνικά τμήματα υπεχώρουν προς την θάλασσαν και ο άμαχος πληθυσμός ακολουθούσε με τα ολίγα υπάρχοντά του. Την Τρίτην εις την Ραιδεστόν το εσπέρας ο κ. Κωνσταντινίδης, εις την συγκέντρωσιν του συλλόγου, «Κάτω ο Κωνσταντίνος».

ΕΙΔΙΚΟΙ ΔΕΚΤΑΙ ΤΗΛΕΟΡΑΣΕΩΣ ΕΙΣ ΡΩΣΣΙΑΝ
ΣΥΛΛΑΜΒΑΝΟΥΝ ΕΚΠΟΜΠΑΣ ΑΠΟ ΤΟ ΛΟΝΔΙΝΟΝ !

ΛΟΝΔΙΝΟΝ, 15. (Ασ. Πρές.) — Ο ραδιοφωνικός σταθμός της Μόσχας μετέδωσε ότι Ρώσοι ερευνηταί κατεσκεύασαν ειδικούς δέκτας τηλεοράσεως, οι οποίοι συλλαμβάνουν εκπομπάς από το Λονδίνον εις απόστασιν άνω των 2.500 χιλιομέτρων.

ΛΟΝΔΙΝΟΝ, 15. (Ασ. Πρές.) — Ο ραδιοφωνικός σταθμός της Μόσχας μετέδωσε ότι Ρώσοι ερευνηταί κατεσκεύασαν ειδικούς δέκτας τηλεοράσεως, οι οποίοι συλλαμβάνουν εκπομπάς από το Λονδίνον εις απόστασιν άνω των 2.500 χιλιομέτρων.

Ο κ. ΒΕΝΙΖΕΛΟΣ ΚΑΤΑΓΓΕΛΛΕΙ ΕΠΙ ΚΟΜΜΑΤΙΣΜΩ ΤΟΝ ΝΟΜΑΡΧΗΝ ΚΟΖΑΝΗΣ

ΑΘΗΝΑΙ, 15. — Ο συνεργάτης του φιλελευθέρου συνδυασμού κ. Σοφοκλής Βενιζέλος διά του αρχηγού του κόμματος κατήγγειλε εις τον πρωθυπουργόν τον νομάρχην Κοζάνης επί κομματισμώ. Ο κ. Βενιζέλος εζήτησε την άμεσον αντικατάστασίν του.

ΑΘΗΝΑΙ, 15. — Ο συνεργάτης του φιλελευθέρου συνδυασμού κ. Σοφοκλής Βενιζέλος διά του αρχηγού του κόμματος κατήγγειλε εις τον πρωθυπουργόν τον νομάρχην Κοζάνης επί κομματισμώ. Ο κ. Βενιζέλος εζήτησε την άμεσον αντικατάστασίν του.

ΑΠΟ ΠΟΥ ΠΡΟΕΡΧΟΝΤΑΙ ΚΑΤΑ ΤΟΥΣ ΡΩΣΣΟΥΣ ΑΙ ΚΟΣΜΙΚΑΙ ΑΚΤΙΝΕΣ

ΜΟΣΧΑ, 15. (Ασ. Πρές.) — Κατά τους ερευνητάς της Ρωσικής Ακαδημίας των Επιστημών αι κοσμικαί ακτίνες προέρχονται από τας εκρήξεις άστρων εις τον γαλαξίαν μας.

ΜΟΣΧΑ, 15. (Ασ. Πρές.) — Κατά τους ερευνητάς της Ρωσικής Ακαδημίας των Επιστημών αι κοσμικαί ακτίνες προέρχονται από τας εκρήξεις άστρων εις τον γαλαξίαν μας.

ΕΚΑΥΣΕ ΜΕ ΣΙΓΑΡΕΤΤΑ ΤΗΝ ΣΥΖΥΓΟΝ ΤΟΥ

ΝΕΑ ΥΟΡΚΗ, 15. (Ασ. Πρές.) — Κατηγορείται ότι έκαυσε επανειλημμένως με αναμμένην σιγαρέτταν την σύζυγόν του ένας 30ετής υπάλληλος.

ΑΙ ΝΕΑΙ ΕΠΙΔΙΩΞΕΙΣ ΤΟΥ Κ. ΚΟΤΥ ΤΗΣ ΓΑΛΛΙΑΣ

ΠΑΡΙΣΙΟΙ, 15. (Ρώυτερ). — Το γαλλικόν υπουργικόν συμβούλιον συνήλθε σήμερον υπό την προεδρίαν του κ. Κοτύ, όστις εξέθεσε τα νέα σχέδιά του διά την αναδιοργάνωσιν των θεσμών.

Η ΕΜΦΑΝΙΣΙΣ ΤΟΥ ΝΤΕ ΓΚΩΛ

ΠΑΡΙΣΙΟΙ, 15. (Ασ. Πρές.). — Ο στρατηγός ντε Γκωλ θα εμφανισθή αύριον εις το Παρίσι διά να δηλώση την στάσιν του έναντι των πολιτικών εξελίξεων.

ΠΑΡΙΣΙΟΙ, 15. (Ασ. Πρές.). — Ο στρατηγός ντε Γκωλ θα εμφανισθή αύριον εις το Παρίσι διά να δηλώση την στάσιν του έναντι των πολιτικών εξελίξεων.

ΕΣΚΟΤΩΣΕ ΜΕ ΠΕΛΕΚΥΝ ΤΗΝ ΜΗΤΕΡΑ ΤΟΥ

ΜΑΟΥΝΤΒΙΛΛΑ Δυτικής Βιργινίας, 15. (Ασ. Πρές.) — Μαθητής γυμνασίου εφόνευσε την μητέρα του με πέλεκυν εις την προσπάθειάν του να την κλέψη.

ΝΕΟΙ ΜΗΧΑΝΗΜΑ ΑΝΑΠΤΥΞΕΩΣ ΔΙΚΤΥΟΥ Ο.Τ.Ε.

ΑΘΗΝΑΙ, 15. — Εκ του Ο.Τ.Ε. ανακοινώθη ότι έφθασαν εκ της Γερμανίας νέα μηχανήματα διά την επέκτασιν του τηλεφωνικού δικτύου της πρωτευούσης.

ΑΘΗΝΑΙ, 15. — Εκ του Ο.Τ.Ε. ανακοινώθη ότι έφθασαν εκ της Γερμανίας νέα μηχανήματα διά την επέκτασιν του τηλεφωνικού δικτύου της πρωτευούσης.

ΑΣ ΑΡΧΙΣΩΜΕΝ ΑΠΟ ΤΗΝ ΚΥΠΡΟΝ...

ΒΑΣΙΓΚΤΩΝ, 15. (Ασ. Πρές.) — Η εφημερίς «Νιου Υόρκ Τάιμς» εις σημερινόν κύριον άρθρον της γράφει ότι η λύσις του Κυπριακού θα αποτελέση το πρώτον βήμα διά την σταθεροποίησιν της Ανατολικής Μεσογείου.

ΒΑΣΙΓΚΤΩΝ, 15. (Ασ. Πρές.) — Η εφημερίς «Νιου Υόρκ Τάιμς» εις σημερινόν κύριον άρθρον της γράφει ότι η λύσις του Κυπριακού θα αποτελέση το πρώτον βήμα διά την σταθεροποίησιν της Ανατολικής Μεσογείου.

ΕΙΔΗΣΕΙΣ ΕΞ ΑΘΗΝΩΝ

ΑΘΗΝΑΙ, 15. — Το υπουργείον Παιδείας ανακοινώνει ότι αι εξετάσεις των υποψηφίων διά τας ανωτάτας σχολάς θα διεξαχθούν από της 1ης Ιουλίου. Επίσης ανεκοινώθη η πρόσληψις 300 διδασκάλων. Την Τρίτην εις το Υπουργείον Συντονισμού συνήλθεν η επιτροπή διά την εξέτασιν των αιτημάτων των εργατών.

ΑΘΗΝΑΙ, 15. — Το υπουργείον Παιδείας ανακοινώνει ότι αι εξετάσεις των υποψηφίων διά τας ανωτάτας σχολάς θα διεξαχθούν από της 1ης Ιουλίου. Επίσης ανεκοινώθη η πρόσληψις 300 διδασκάλων. Την Τρίτην εις το Υπουργείον Συντονισμού συνήλθεν η επιτροπή διά την εξέτασιν των αιτημάτων των εργατών.

ΑΘΗΝΑΙ, 15. — Το υπουργείον Παιδείας ανακοινώνει ότι αι εξετάσεις των υποψηφίων διά τας ανωτάτας σχολάς θα διεξαχθούν από της 1ης Ιουλίου. Επίσης ανεκοινώθη η πρόσληψις 300 διδασκάλων. Την Τρίτην εις το Υπουργείον Συντονισμού συνήλθεν η επιτροπή διά την εξέτασιν των αιτημάτων των εργατών.
